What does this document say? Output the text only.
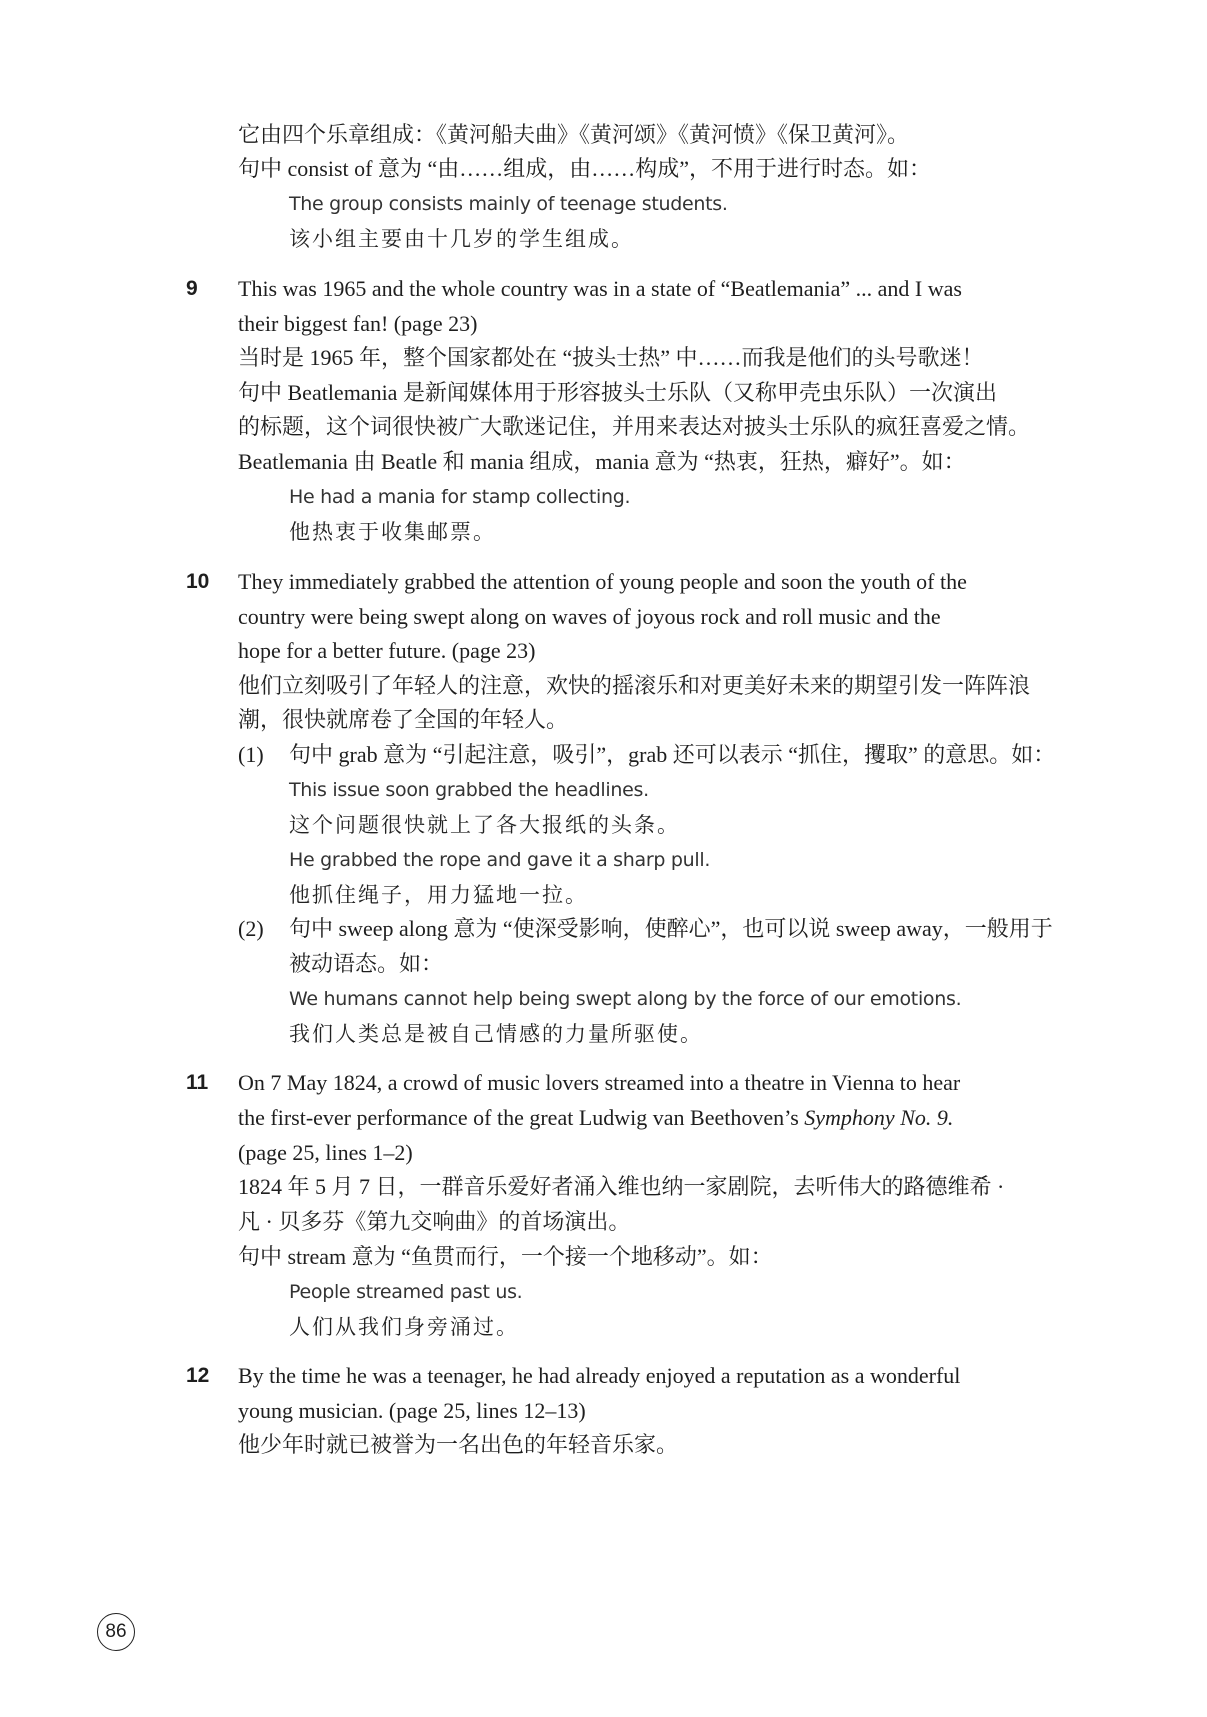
它由四个乐章组成：《黄河船夫曲》《黄河颂》《黄河愤》《保卫黄河》。
句中 consist of 意为 “由……组成，由……构成”，不用于进行时态。如：
The group consists mainly of teenage students.
该小组主要由十几岁的学生组成。
9 This was 1965 and the whole country was in a state of “Beatlemania” ... and I was
their biggest fan! (page 23)
当时是 1965 年，整个国家都处在 “披头士热” 中……而我是他们的头号歌迷！
句中 Beatlemania 是新闻媒体用于形容披头士乐队（又称甲壳虫乐队）一次演出
的标题，这个词很快被广大歌迷记住，并用来表达对披头士乐队的疯狂喜爱之情。
Beatlemania 由 Beatle 和 mania 组成，mania 意为 “热衷，狂热，癖好”。如：
He had a mania for stamp collecting.
他热衷于收集邮票。
10 They immediately grabbed the attention of young people and soon the youth of the
country were being swept along on waves of joyous rock and roll music and the
hope for a better future. (page 23)
他们立刻吸引了年轻人的注意，欢快的摇滚乐和对更美好未来的期望引发一阵阵浪
潮，很快就席卷了全国的年轻人。
(1) 句中 grab 意为 “引起注意，吸引”，grab 还可以表示 “抓住，攫取” 的意思。如：
This issue soon grabbed the headlines.
这个问题很快就上了各大报纸的头条。
He grabbed the rope and gave it a sharp pull.
他抓住绳子，用力猛地一拉。
(2) 句中 sweep along 意为 “使深受影响，使醉心”，也可以说 sweep away，一般用于
被动语态。如：
We humans cannot help being swept along by the force of our emotions.
我们人类总是被自己情感的力量所驱使。
11 On 7 May 1824, a crowd of music lovers streamed into a theatre in Vienna to hear
the first-ever performance of the great Ludwig van Beethoven’s Symphony No. 9.
(page 25, lines 1–2)
1824 年 5 月 7 日，一群音乐爱好者涌入维也纳一家剧院，去听伟大的路德维希 ·
凡 · 贝多芬《第九交响曲》的首场演出。
句中 stream 意为 “鱼贯而行，一个接一个地移动”。如：
People streamed past us.
人们从我们身旁涌过。
12 By the time he was a teenager, he had already enjoyed a reputation as a wonderful
young musician. (page 25, lines 12–13)
他少年时就已被誉为一名出色的年轻音乐家。
86
